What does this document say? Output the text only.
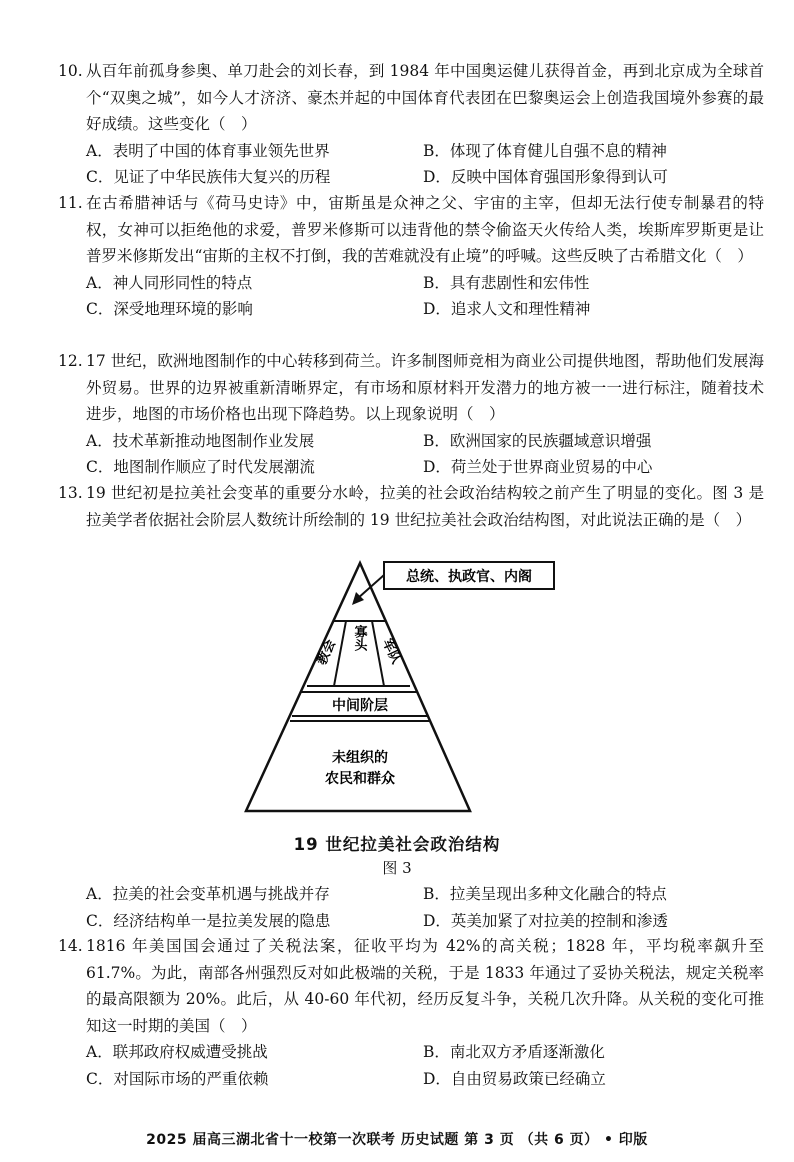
10. 从百年前孤身参奥、单刀赴会的刘长春，到 1984 年中国奥运健儿获得首金，再到北京成为全球首个“双奥之城”，如今人才济济、豪杰并起的中国体育代表团在巴黎奥运会上创造我国境外参赛的最好成绩。这些变化（　）
A．表明了中国的体育事业领先世界	B．体现了体育健儿自强不息的精神
C．见证了中华民族伟大复兴的历程	D．反映中国体育强国形象得到认可
11. 在古希腊神话与《荷马史诗》中，宙斯虽是众神之父、宇宙的主宰，但却无法行使专制暴君的特权，女神可以拒绝他的求爱，普罗米修斯可以违背他的禁令偷盗天火传给人类，埃斯库罗斯更是让普罗米修斯发出“宙斯的主权不打倒，我的苦难就没有止境”的呼喊。这些反映了古希腊文化（　）
A．神人同形同性的特点	B．具有悲剧性和宏伟性
C．深受地理环境的影响	D．追求人文和理性精神
12. 17 世纪，欧洲地图制作的中心转移到荷兰。许多制图师竞相为商业公司提供地图，帮助他们发展海外贸易。世界的边界被重新清晰界定，有市场和原材料开发潜力的地方被一一进行标注，随着技术进步，地图的市场价格也出现下降趋势。以上现象说明（　）
A．技术革新推动地图制作业发展	B．欧洲国家的民族疆域意识增强
C．地图制作顺应了时代发展潮流	D．荷兰处于世界商业贸易的中心
13. 19 世纪初是拉美社会变革的重要分水岭，拉美的社会政治结构较之前产生了明显的变化。图 3 是拉美学者依据社会阶层人数统计所绘制的 19 世纪拉美社会政治结构图，对此说法正确的是（　）
总统、执政官、内阁
教会 寡头 军队
中间阶层
未组织的
农民和群众
19 世纪拉美社会政治结构
图 3
A．拉美的社会变革机遇与挑战并存	B．拉美呈现出多种文化融合的特点
C．经济结构单一是拉美发展的隐患	D．英美加紧了对拉美的控制和渗透
14. 1816 年美国国会通过了关税法案，征收平均为 42%的高关税；1828 年，平均税率飙升至 61.7%。为此，南部各州强烈反对如此极端的关税，于是 1833 年通过了妥协关税法，规定关税率的最高限额为 20%。此后，从 40-60 年代初，经历反复斗争，关税几次升降。从关税的变化可推知这一时期的美国（　）
A．联邦政府权威遭受挑战	B．南北双方矛盾逐渐激化
C．对国际市场的严重依赖	D．自由贸易政策已经确立
2025 届高三湖北省十一校第一次联考 历史试题 第 3 页 （共 6 页） • 印版
